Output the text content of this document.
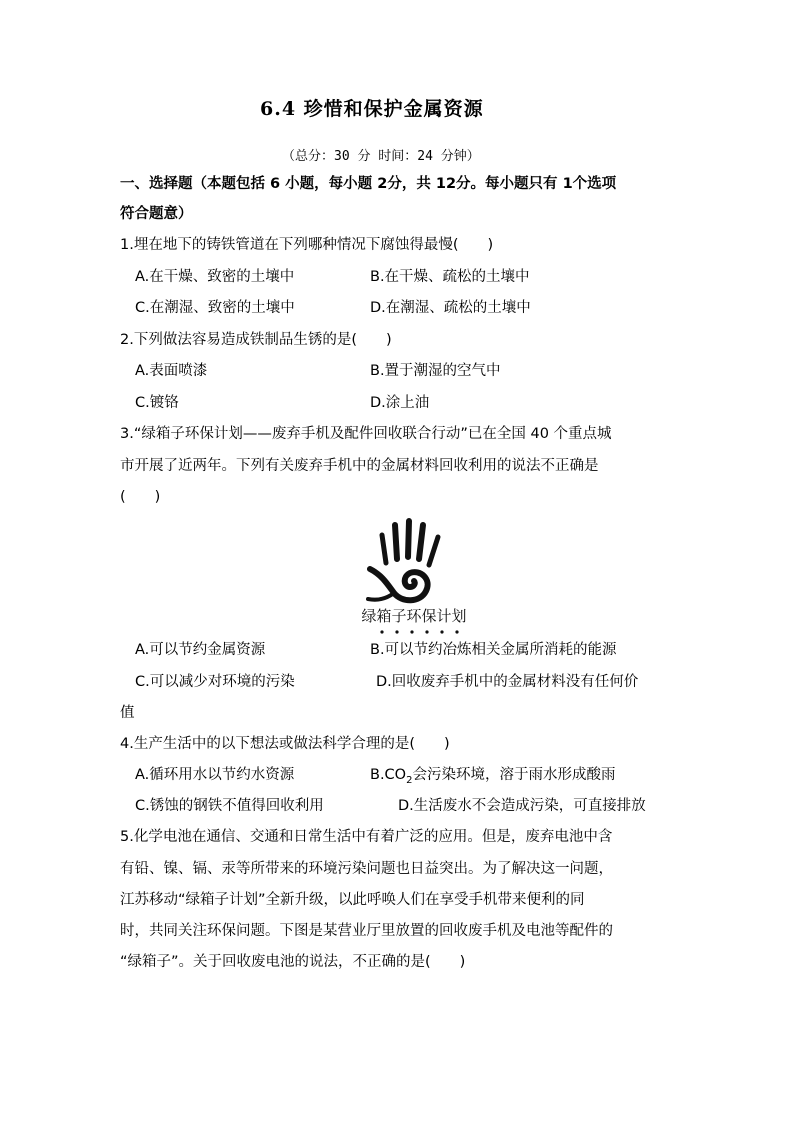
6.4 珍惜和保护金属资源
（总分：30 分 时间：24 分钟）
一、选择题（本题包括 6 小题，每小题 2分，共 12分。每小题只有 1个选项
符合题意）
1.埋在地下的铸铁管道在下列哪种情况下腐蚀得最慢(　　)
A.在干燥、致密的土壤中	B.在干燥、疏松的土壤中
C.在潮湿、致密的土壤中	D.在潮湿、疏松的土壤中
2.下列做法容易造成铁制品生锈的是(　　)
A.表面喷漆	B.置于潮湿的空气中
C.镀铬	D.涂上油
3.“绿箱子环保计划——废弃手机及配件回收联合行动”已在全国 40 个重点城
市开展了近两年。下列有关废弃手机中的金属材料回收利用的说法不正确是
(　　)
绿箱子环保计划
A.可以节约金属资源	B.可以节约冶炼相关金属所消耗的能源
C.可以减少对环境的污染	D.回收废弃手机中的金属材料没有任何价
值
4.生产生活中的以下想法或做法科学合理的是(　　)
A.循环用水以节约水资源	$B.CO_2$会污染环境，溶于雨水形成酸雨
C.锈蚀的钢铁不值得回收利用	D.生活废水不会造成污染，可直接排放
5.化学电池在通信、交通和日常生活中有着广泛的应用。但是，废弃电池中含
有铅、镍、镉、汞等所带来的环境污染问题也日益突出。为了解决这一问题，
江苏移动“绿箱子计划”全新升级，以此呼唤人们在享受手机带来便利的同
时，共同关注环保问题。下图是某营业厅里放置的回收废手机及电池等配件的
“绿箱子”。关于回收废电池的说法，不正确的是(　　)
